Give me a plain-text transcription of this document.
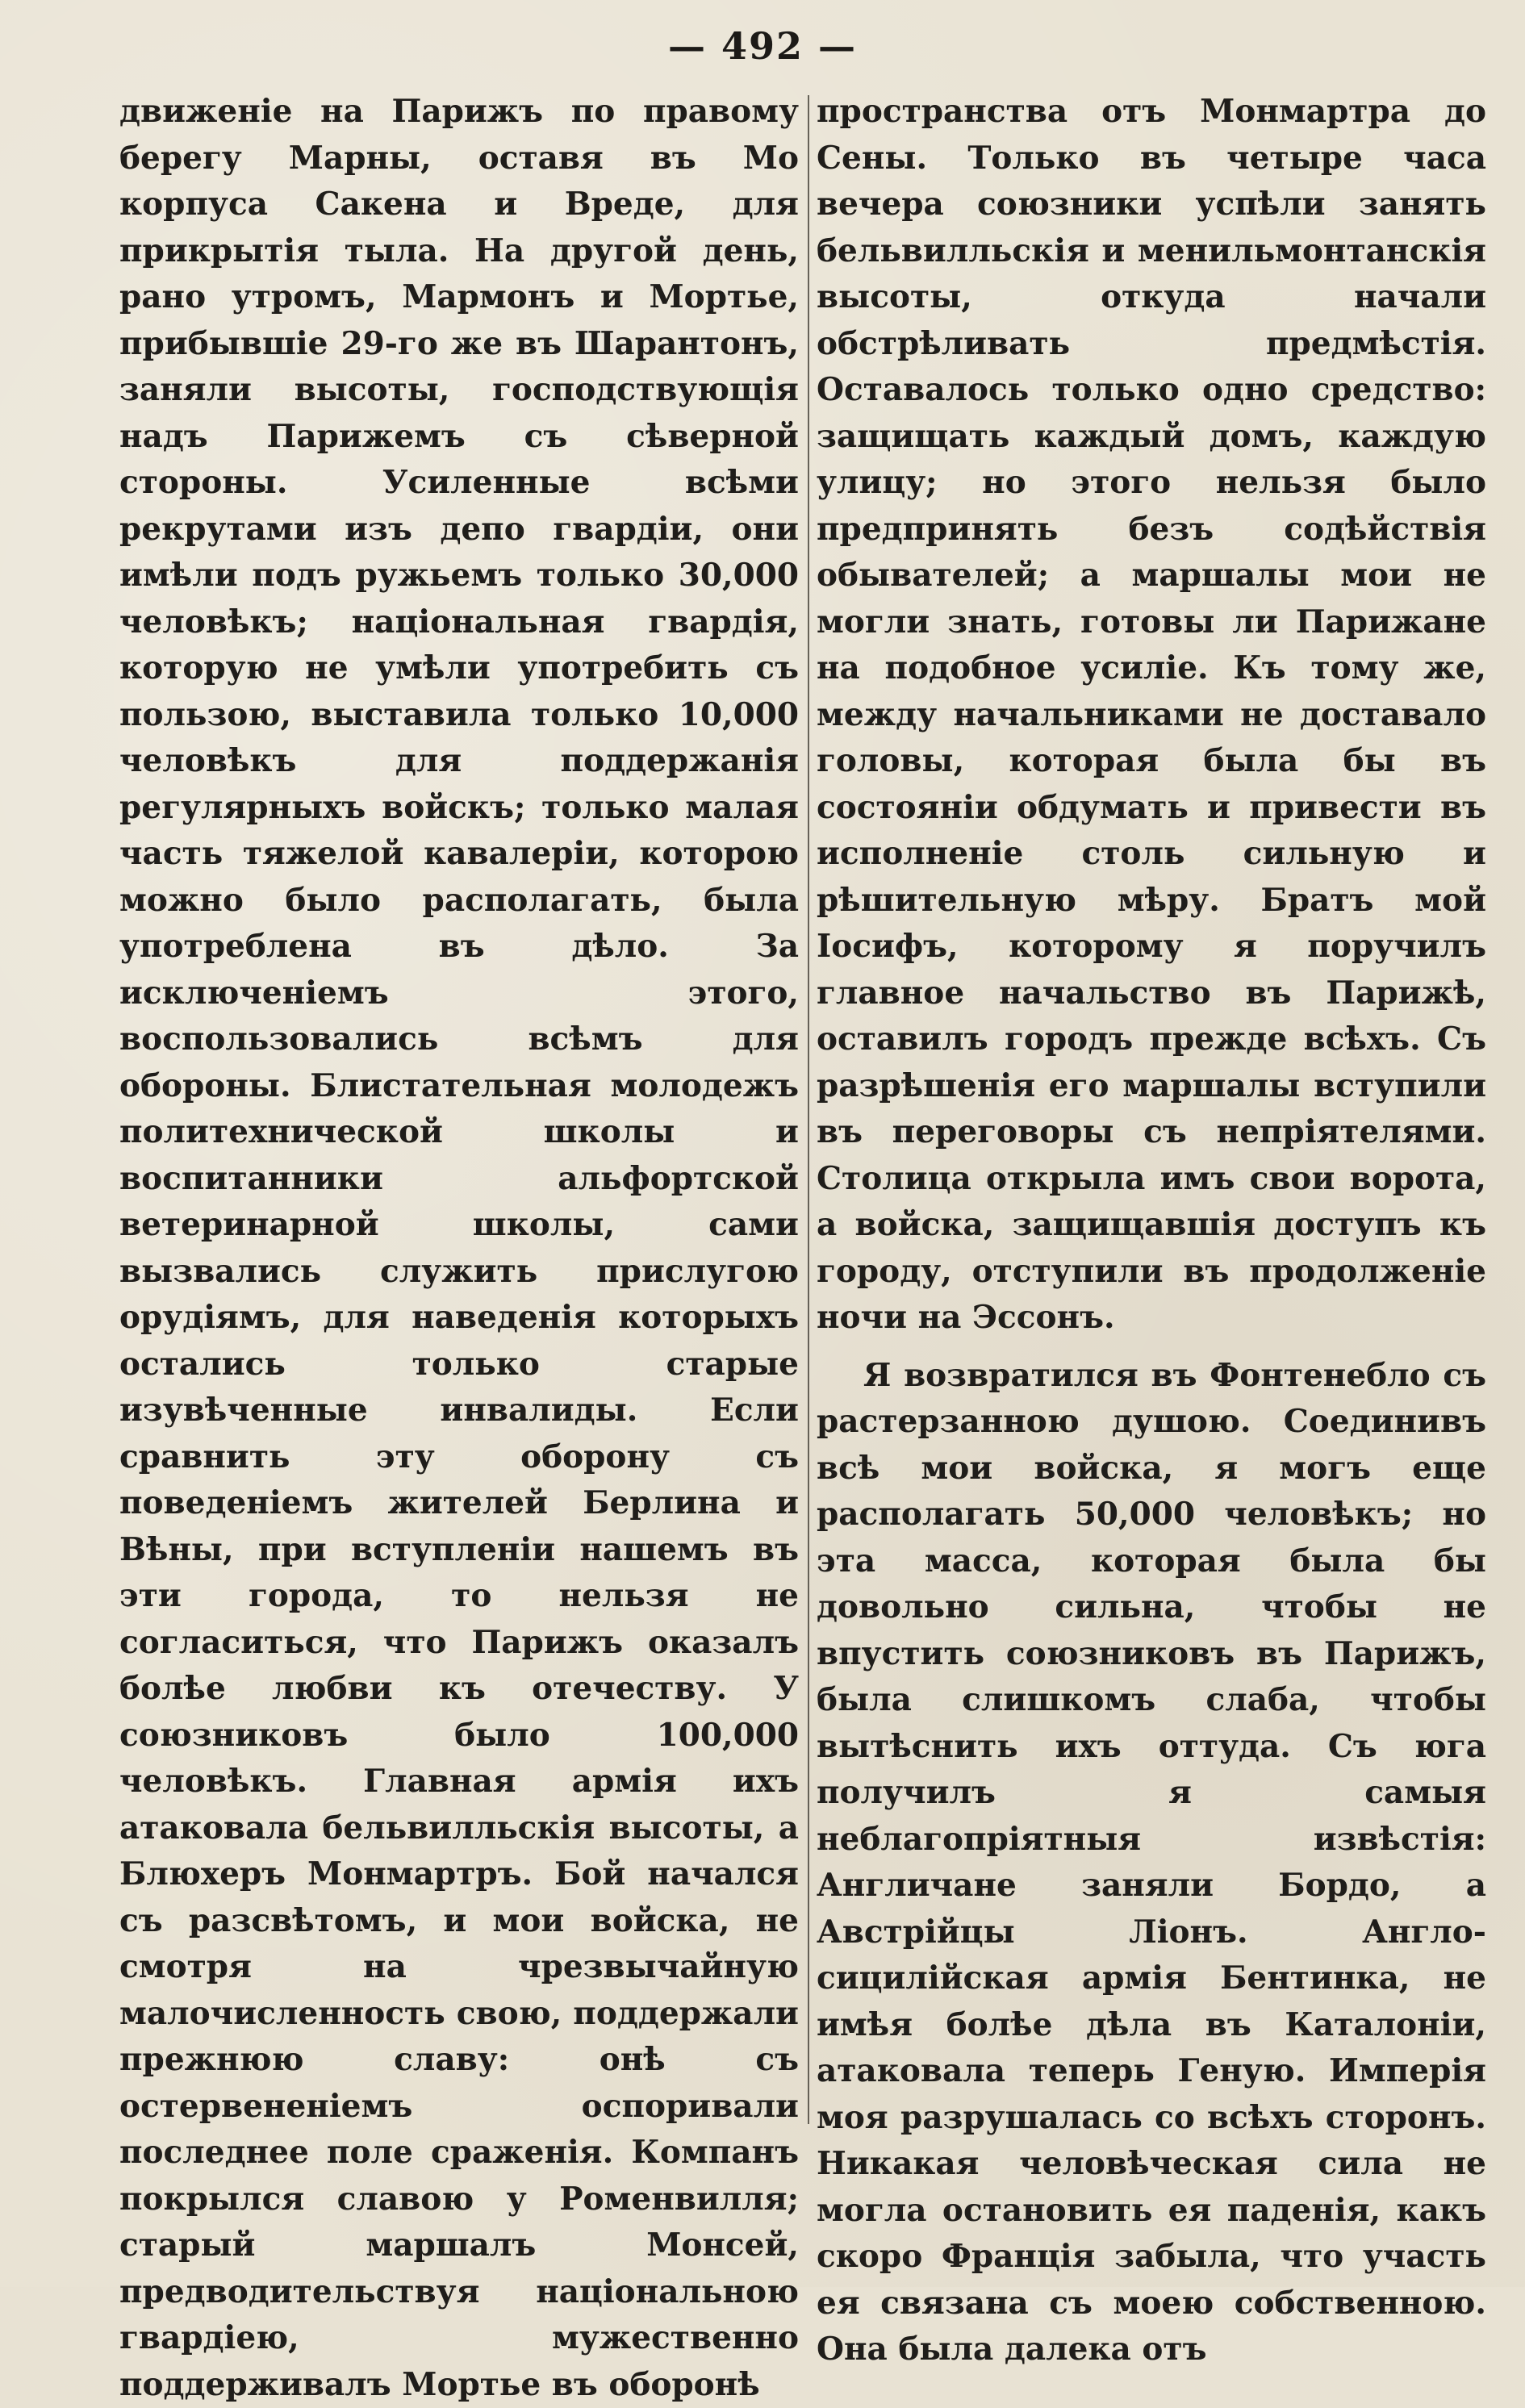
— 492 —

движеніе на Парижъ по правому берегу Марны, оставя въ Мо корпуса Сакена и Вреде, для прикрытія тыла. На другой день, рано утромъ, Мармонъ и Мортье, прибывшіе 29-го же въ Шарантонъ, заняли высоты, господствующія надъ Парижемъ съ сѣверной стороны. Усиленные всѣми рекрутами изъ депо гвардіи, они имѣли подъ ружьемъ только 30,000 человѣкъ; національная гвардія, которую не умѣли употребить съ пользою, выставила только 10,000 человѣкъ для поддержанія регулярныхъ войскъ; только малая часть тяжелой кавалеріи, которою можно было располагать, была употреблена въ дѣло. За исключеніемъ этого, воспользовались всѣмъ для обороны. Блистательная молодежъ политехнической школы и воспитанники альфортской ветеринарной школы, сами вызвались служить прислугою орудіямъ, для наведенія которыхъ остались только старые изувѣченные инвалиды. Если сравнить эту оборону съ поведеніемъ жителей Берлина и Вѣны, при вступленіи нашемъ въ эти города, то нельзя не согласиться, что Парижъ оказалъ болѣе любви къ отечеству. У союзниковъ было 100,000 человѣкъ. Главная армія ихъ атаковала бельвилльскія высоты, а Блюхеръ Монмартръ. Бой начался съ разсвѣтомъ, и мои войска, не смотря на чрезвычайную малочисленность свою, поддержали прежнюю славу: онѣ съ остервененіемъ оспоривали последнее поле сраженія. Компанъ покрылся славою у Роменвилля; старый маршалъ Монсей, предводительствуя національною гвардіею, мужественно поддерживалъ Мортье въ оборонѣ

пространства отъ Монмартра до Сены. Только въ четыре часа вечера союзники успѣли занять бельвилльскія и менильмонтанскія высоты, откуда начали обстрѣливать предмѣстія. Оставалось только одно средство: защищать каждый домъ, каждую улицу; но этого нельзя было предпринять безъ содѣйствія обывателей; а маршалы мои не могли знать, готовы ли Парижане на подобное усиліе. Къ тому же, между начальниками не доставало головы, которая была бы въ состояніи обдумать и привести въ исполненіе столь сильную и рѣшительную мѣру. Братъ мой Іосифъ, которому я поручилъ главное начальство въ Парижѣ, оставилъ городъ прежде всѣхъ. Съ разрѣшенія его маршалы вступили въ переговоры съ непріятелями. Столица открыла имъ свои ворота, а войска, защищавшія доступъ къ городу, отступили въ продолженіе ночи на Эссонъ.

Я возвратился въ Фонтенебло съ растерзанною душою. Соединивъ всѣ мои войска, я могъ еще располагать 50,000 человѣкъ; но эта масса, которая была бы довольно сильна, чтобы не впустить союзниковъ въ Парижъ, была слишкомъ слаба, чтобы вытѣснить ихъ оттуда. Съ юга получилъ я самыя неблагопріятныя извѣстія: Англичане заняли Бордо, а Австрійцы Ліонъ. Англо-сицилійская армія Бентинка, не имѣя болѣе дѣла въ Каталоніи, атаковала теперь Геную. Имперія моя разрушалась со всѣхъ сторонъ. Никакая человѣческая сила не могла остановить ея паденія, какъ скоро Франція забыла, что участь ея связана съ моею собственною. Она была далека отъ
